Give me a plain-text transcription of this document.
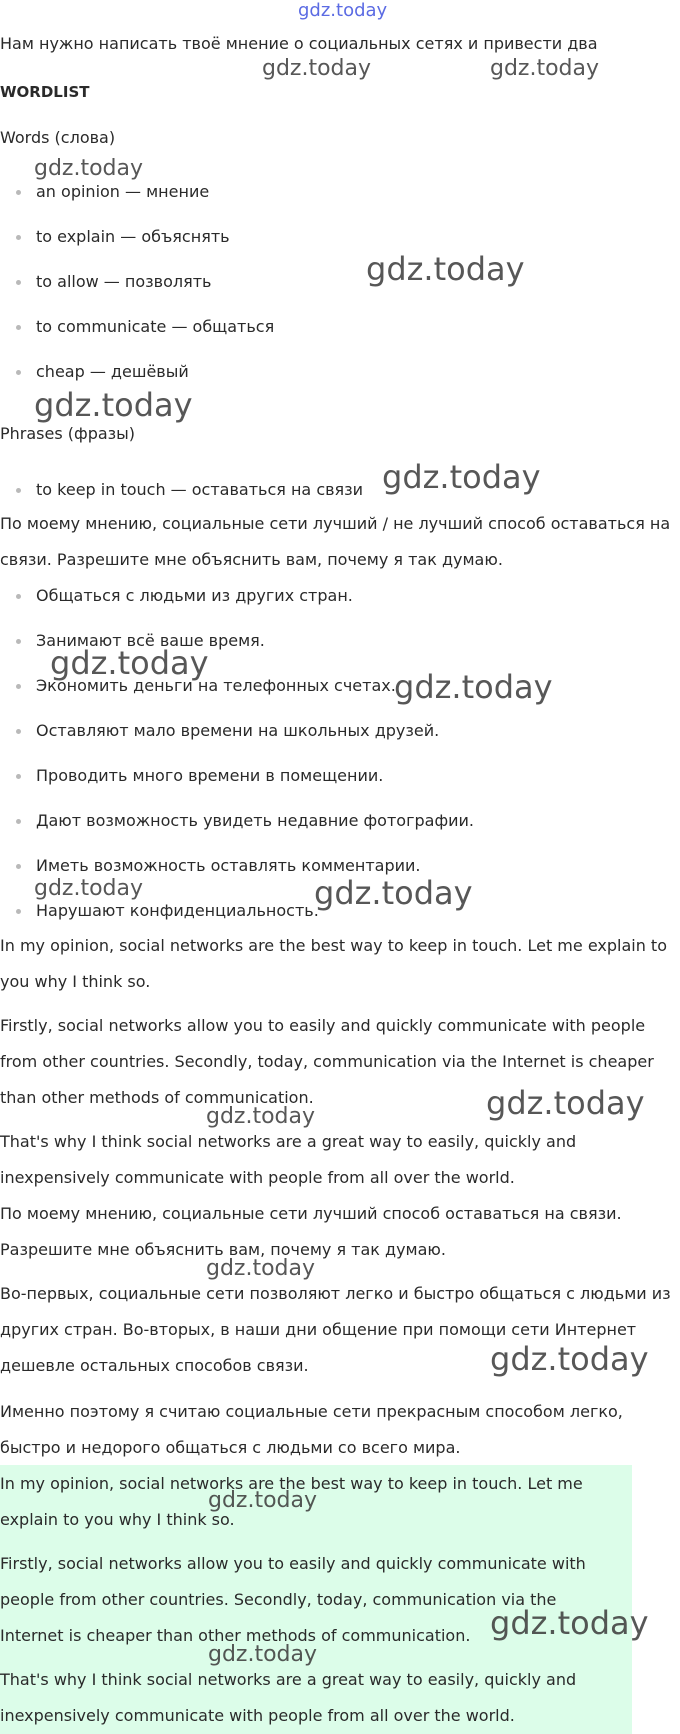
gdz.today

Нам нужно написать твоё мнение о социальных сетях и привести два

WORDLIST

Words (слова)

an opinion — мнение

to explain — объяснять

to allow — позволять

to communicate — общаться

cheap — дешёвый

Phrases (фразы)

to keep in touch — оставаться на связи

По моему мнению, социальные сети лучший / не лучший способ оставаться на

связи. Разрешите мне объяснить вам, почему я так думаю.

Общаться с людьми из других стран.

Занимают всё ваше время.

Экономить деньги на телефонных счетах.

Оставляют мало времени на школьных друзей.

Проводить много времени в помещении.

Дают возможность увидеть недавние фотографии.

Иметь возможность оставлять комментарии.

Нарушают конфиденциальность.

In my opinion, social networks are the best way to keep in touch. Let me explain to

you why I think so.

Firstly, social networks allow you to easily and quickly communicate with people

from other countries. Secondly, today, communication via the Internet is cheaper

than other methods of communication.

That's why I think social networks are a great way to easily, quickly and

inexpensively communicate with people from all over the world.

По моему мнению, социальные сети лучший способ оставаться на связи.

Разрешите мне объяснить вам, почему я так думаю.

Во-первых, социальные сети позволяют легко и быстро общаться с людьми из

других стран. Во-вторых, в наши дни общение при помощи сети Интернет

дешевле остальных способов связи.

Именно поэтому я считаю социальные сети прекрасным способом легко,

быстро и недорого общаться с людьми со всего мира.

In my opinion, social networks are the best way to keep in touch. Let me

explain to you why I think so.

Firstly, social networks allow you to easily and quickly communicate with

people from other countries. Secondly, today, communication via the

Internet is cheaper than other methods of communication.

That's why I think social networks are a great way to easily, quickly and

inexpensively communicate with people from all over the world.

gdz.today	gdz.today
gdz.today
gdz.today
gdz.today
gdz.today
gdz.today
gdz.today
gdz.today	gdz.today
gdz.today
gdz.today
gdz.today
gdz.today
gdz.today
gdz.today
gdz.today
